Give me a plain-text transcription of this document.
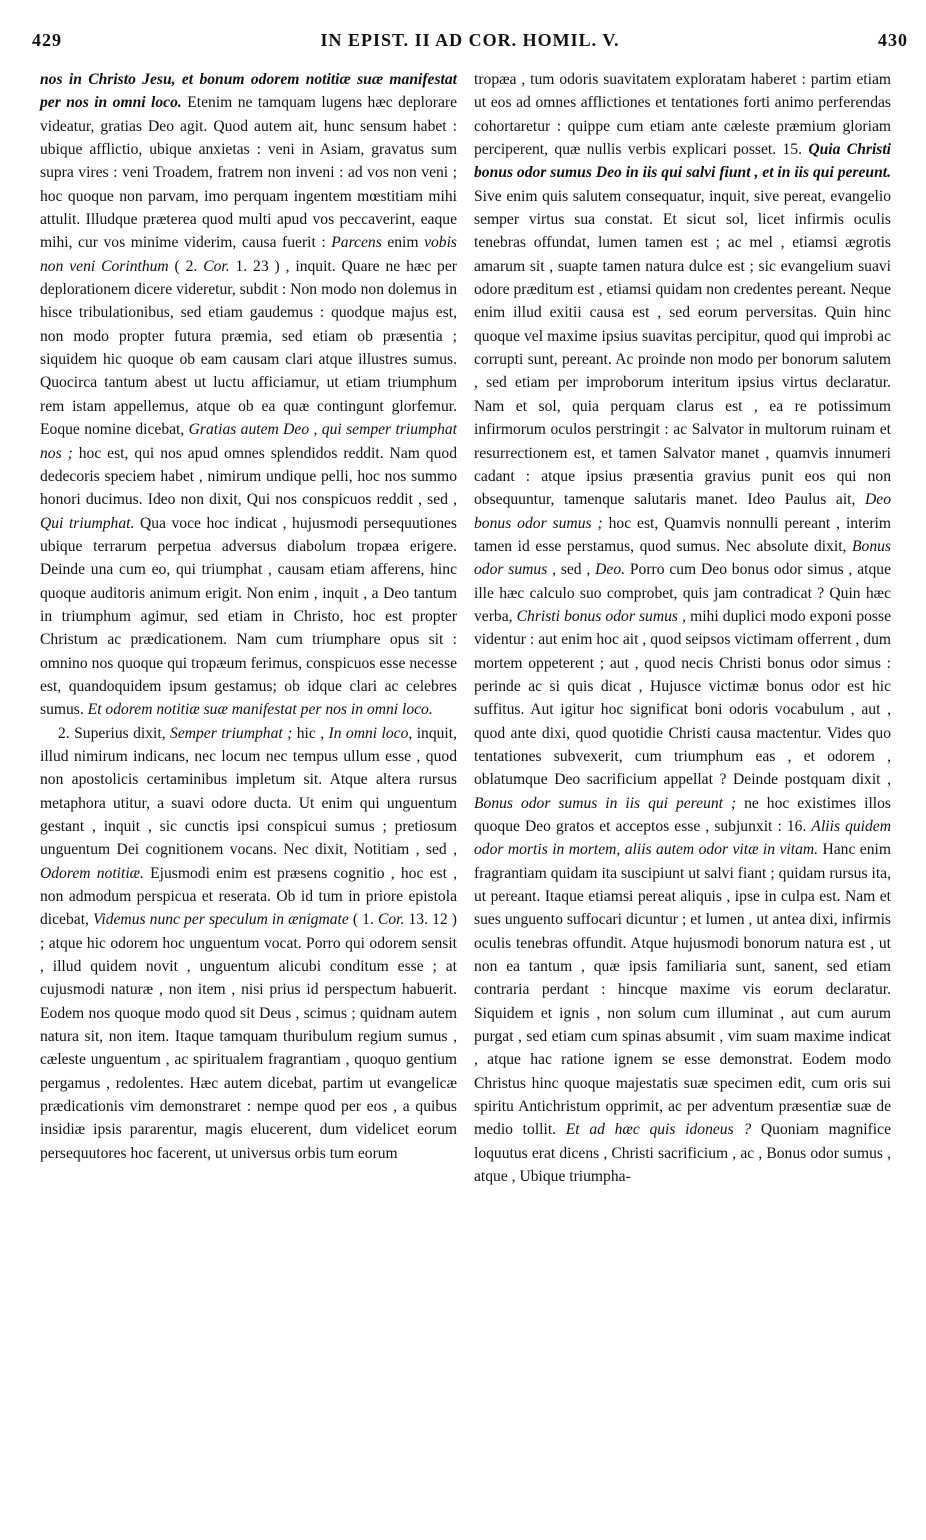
429	IN EPIST. II AD COR. HOMIL. V.	430

nos in Christo Jesu, et bonum odorem notitiæ suæ manifestat per nos in omni loco. Etenim ne tamquam lugens hæc deplorare videatur, gratias Deo agit. Quod autem ait, hunc sensum habet : ubique afflictio, ubique anxietas : veni in Asiam, gravatus sum supra vires : veni Troadem, fratrem non inveni : ad vos non veni ; hoc quoque non parvam, imo perquam ingentem mœstitiam mihi attulit. Illudque præterea quod multi apud vos peccaverint, eaque mihi, cur vos minime viderim, causa fuerit : Parcens enim vobis non veni Corinthum ( 2. Cor. 1. 23 ) , inquit. Quare ne hæc per deplorationem dicere videretur, subdit : Non modo non dolemus in hisce tribulationibus, sed etiam gaudemus : quodque majus est, non modo propter futura præmia, sed etiam ob præsentia ; siquidem hic quoque ob eam causam clari atque illustres sumus. Quocirca tantum abest ut luctu afficiamur, ut etiam triumphum rem istam appellemus, atque ob ea quæ contingunt glorfemur. Eoque nomine dicebat, Gratias autem Deo , qui semper triumphat nos ; hoc est, qui nos apud omnes splendidos reddit. Nam quod dedecoris speciem habet , nimirum undique pelli, hoc nos summo honori ducimus. Ideo non dixit, Qui nos conspicuos reddit , sed , Qui triumphat. Qua voce hoc indicat , hujusmodi persequutiones ubique terrarum perpetua adversus diabolum tropæa erigere. Deinde una cum eo, qui triumphat , causam etiam afferens, hinc quoque auditoris animum erigit. Non enim , inquit , a Deo tantum in triumphum agimur, sed etiam in Christo, hoc est propter Christum ac prædicationem. Nam cum triumphare opus sit : omnino nos quoque qui tropæum ferimus, conspicuos esse necesse est, quandoquidem ipsum gestamus; ob idque clari ac celebres sumus. Et odorem notitiæ suæ manifestat per nos in omni loco.

2. Superius dixit, Semper triumphat ; hic , In omni loco, inquit, illud nimirum indicans, nec locum nec tempus ullum esse , quod non apostolicis certaminibus impletum sit. Atque altera rursus metaphora utitur, a suavi odore ducta. Ut enim qui unguentum gestant , inquit , sic cunctis ipsi conspicui sumus ; pretiosum unguentum Dei cognitionem vocans. Nec dixit, Notitiam , sed , Odorem notitiæ. Ejusmodi enim est præsens cognitio , hoc est , non admodum perspicua et reserata. Ob id tum in priore epistola dicebat, Videmus nunc per speculum in ænigmate ( 1. Cor. 13. 12 ) ; atque hic odorem hoc unguentum vocat. Porro qui odorem sensit , illud quidem novit , unguentum alicubi conditum esse ; at cujusmodi naturæ , non item , nisi prius id perspectum habuerit. Eodem nos quoque modo quod sit Deus , scimus ; quidnam autem natura sit, non item. Itaque tamquam thuribulum regium sumus , cæleste unguentum , ac spiritualem fragrantiam , quoquo gentium pergamus , redolentes. Hæc autem dicebat, partim ut evangelicæ prædicationis vim demonstraret : nempe quod per eos , a quibus insidiæ ipsis pararentur, magis elucerent, dum videlicet eorum persequutores hoc facerent, ut universus orbis tum eorum

tropæa , tum odoris suavitatem exploratam haberet : partim etiam ut eos ad omnes afflictiones et tentationes forti animo perferendas cohortaretur : quippe cum etiam ante cæleste præmium gloriam perciperent, quæ nullis verbis explicari posset. 15. Quia Christi bonus odor sumus Deo in iis qui salvi fiunt , et in iis qui pereunt. Sive enim quis salutem consequatur, inquit, sive pereat, evangelio semper virtus sua constat. Et sicut sol, licet infirmis oculis tenebras offundat, lumen tamen est ; ac mel , etiamsi ægrotis amarum sit , suapte tamen natura dulce est ; sic evangelium suavi odore præditum est , etiamsi quidam non credentes pereant. Neque enim illud exitii causa est , sed eorum perversitas. Quin hinc quoque vel maxime ipsius suavitas percipitur, quod qui improbi ac corrupti sunt, pereant. Ac proinde non modo per bonorum salutem , sed etiam per improborum interitum ipsius virtus declaratur. Nam et sol, quia perquam clarus est , ea re potissimum infirmorum oculos perstringit : ac Salvator in multorum ruinam et resurrectionem est, et tamen Salvator manet , quamvis innumeri cadant : atque ipsius præsentia gravius punit eos qui non obsequuntur, tamenque salutaris manet. Ideo Paulus ait, Deo bonus odor sumus ; hoc est, Quamvis nonnulli pereant , interim tamen id esse perstamus, quod sumus. Nec absolute dixit, Bonus odor sumus , sed , Deo. Porro cum Deo bonus odor simus , atque ille hæc calculo suo comprobet, quis jam contradicat ? Quin hæc verba, Christi bonus odor sumus , mihi duplici modo exponi posse videntur : aut enim hoc ait , quod seipsos victimam offerrent , dum mortem oppeterent ; aut , quod necis Christi bonus odor simus : perinde ac si quis dicat , Hujusce victimæ bonus odor est hic suffitus. Aut igitur hoc significat boni odoris vocabulum , aut , quod ante dixi, quod quotidie Christi causa mactentur. Vides quo tentationes subvexerit, cum triumphum eas , et odorem , oblatumque Deo sacrificium appellat ? Deinde postquam dixit , Bonus odor sumus in iis qui pereunt ; ne hoc existimes illos quoque Deo gratos et acceptos esse , subjunxit : 16. Aliis quidem odor mortis in mortem, aliis autem odor vitæ in vitam. Hanc enim fragrantiam quidam ita suscipiunt ut salvi fiant ; quidam rursus ita, ut pereant. Itaque etiamsi pereat aliquis , ipse in culpa est. Nam et sues unguento suffocari dicuntur ; et lumen , ut antea dixi, infirmis oculis tenebras offundit. Atque hujusmodi bonorum natura est , ut non ea tantum , quæ ipsis familiaria sunt, sanent, sed etiam contraria perdant : hincque maxime vis eorum declaratur. Siquidem et ignis , non solum cum illuminat , aut cum aurum purgat , sed etiam cum spinas absumit , vim suam maxime indicat , atque hac ratione ignem se esse demonstrat. Eodem modo Christus hinc quoque majestatis suæ specimen edit, cum oris sui spiritu Antichristum opprimit, ac per adventum præsentiæ suæ de medio tollit. Et ad hæc quis idoneus ? Quoniam magnifice loquutus erat dicens , Christi sacrificium , ac , Bonus odor sumus , atque , Ubique triumpha-
